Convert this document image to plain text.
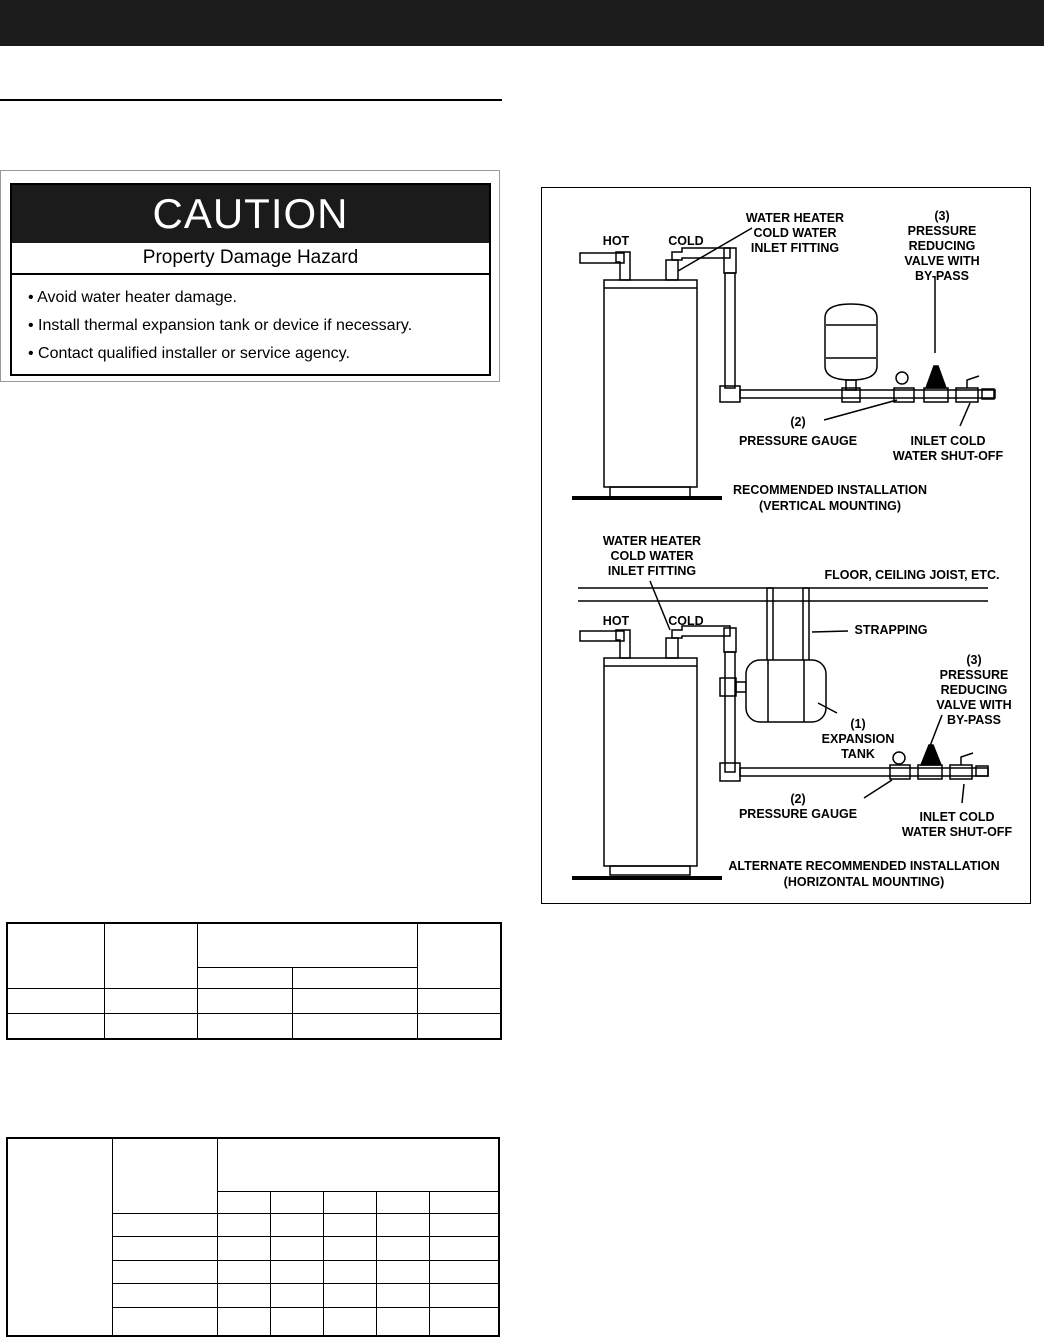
CAUTION
Property Damage Hazard
• Avoid water heater damage.
• Install thermal expansion tank or device if necessary.
• Contact qualified installer or service agency.

HOT	COLD
WATER HEATER
COLD WATER
INLET FITTING
(3)
PRESSURE
REDUCING
VALVE WITH
BY-PASS
(2)
PRESSURE GAUGE	INLET COLD
WATER SHUT-OFF
RECOMMENDED INSTALLATION
(VERTICAL MOUNTING)
WATER HEATER
COLD WATER
INLET FITTING	FLOOR, CEILING JOIST, ETC.
HOT	COLD
STRAPPING
(3)
PRESSURE
REDUCING
VALVE WITH
BY-PASS
(1)
EXPANSION
TANK
(2)
PRESSURE GAUGE	INLET COLD
WATER SHUT-OFF
ALTERNATE RECOMMENDED INSTALLATION
(HORIZONTAL MOUNTING)
